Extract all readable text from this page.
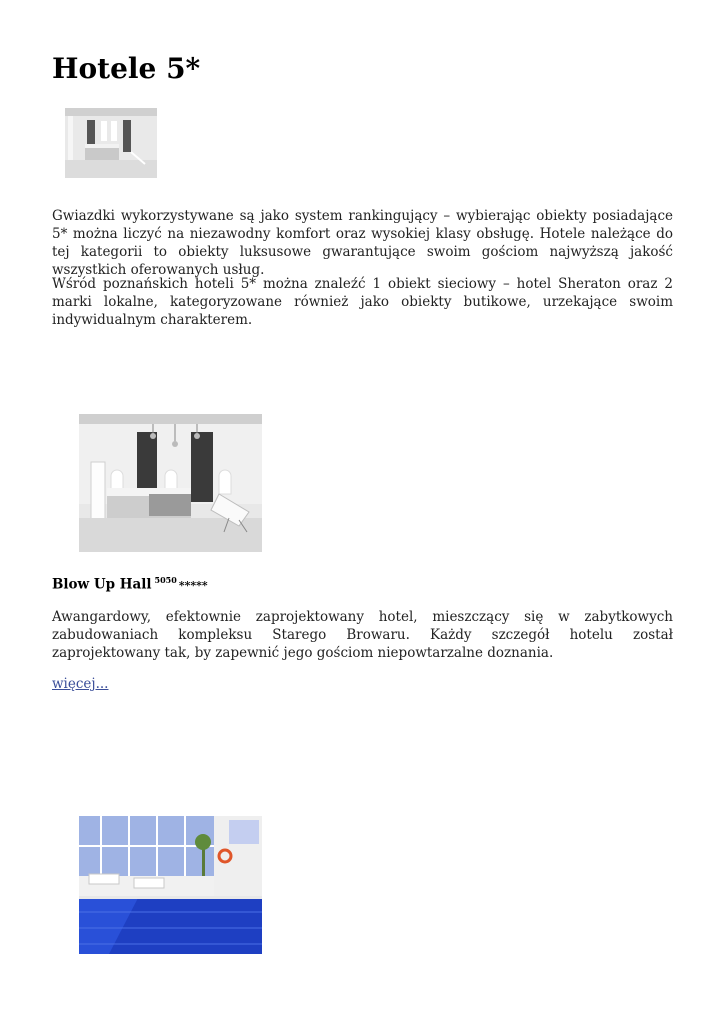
Hotele 5*

Gwiazdki wykorzystywane są jako system rankingujący – wybierając obiekty posiadające 5* można liczyć na niezawodny komfort oraz wysokiej klasy obsługę. Hotele należące do tej kategorii to obiekty luksusowe gwarantujące swoim gościom najwyższą jakość wszystkich oferowanych usług.

Wśród poznańskich hoteli 5* można znaleźć 1 obiekt sieciowy – hotel Sheraton oraz 2 marki lokalne, kategoryzowane również jako obiekty butikowe, urzekające swoim indywidualnym charakterem.

Blow Up Hall $^{5050}$ *****

Awangardowy, efektownie zaprojektowany hotel, mieszczący się w zabytkowych zabudowaniach kompleksu Starego Browaru. Każdy szczegół hotelu został zaprojektowany tak, by zapewnić jego gościom niepowtarzalne doznania.

więcej...
